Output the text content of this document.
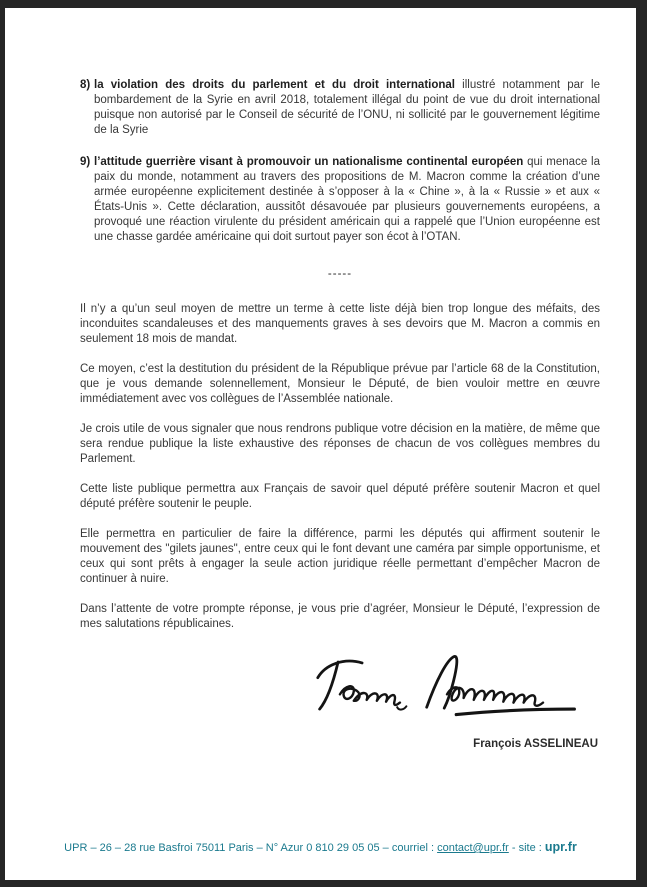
8) la violation des droits du parlement et du droit international illustré notamment par le bombardement de la Syrie en avril 2018, totalement illégal du point de vue du droit international puisque non autorisé par le Conseil de sécurité de l’ONU, ni sollicité par le gouvernement légitime de la Syrie

9) l’attitude guerrière visant à promouvoir un nationalisme continental européen qui menace la paix du monde, notamment au travers des propositions de M. Macron comme la création d’une armée européenne explicitement destinée à s’opposer à la « Chine », à la « Russie » et aux « États-Unis ». Cette déclaration, aussitôt désavouée par plusieurs gouvernements européens, a provoqué une réaction virulente du président américain qui a rappelé que l’Union européenne est une chasse gardée américaine qui doit surtout payer son écot à l’OTAN.

-----

Il n’y a qu’un seul moyen de mettre un terme à cette liste déjà bien trop longue des méfaits, des inconduites scandaleuses et des manquements graves à ses devoirs que M. Macron a commis en seulement 18 mois de mandat.

Ce moyen, c’est la destitution du président de la République prévue par l’article 68 de la Constitution, que je vous demande solennellement, Monsieur le Député, de bien vouloir mettre en œuvre immédiatement avec vos collègues de l’Assemblée nationale.

Je crois utile de vous signaler que nous rendrons publique votre décision en la matière, de même que sera rendue publique la liste exhaustive des réponses de chacun de vos collègues membres du Parlement.

Cette liste publique permettra aux Français de savoir quel député préfère soutenir Macron et quel député préfère soutenir le peuple.

Elle permettra en particulier de faire la différence, parmi les députés qui affirment soutenir le mouvement des "gilets jaunes", entre ceux qui le font devant une caméra par simple opportunisme, et ceux qui sont prêts à engager la seule action juridique réelle permettant d’empêcher Macron de continuer à nuire.

Dans l’attente de votre prompte réponse, je vous prie d’agréer, Monsieur le Député, l’expression de mes salutations républicaines.

François ASSELINEAU
UPR – 26 – 28 rue Basfroi 75011 Paris – N° Azur 0 810 29 05 05 – courriel : contact@upr.fr - site : upr.fr
